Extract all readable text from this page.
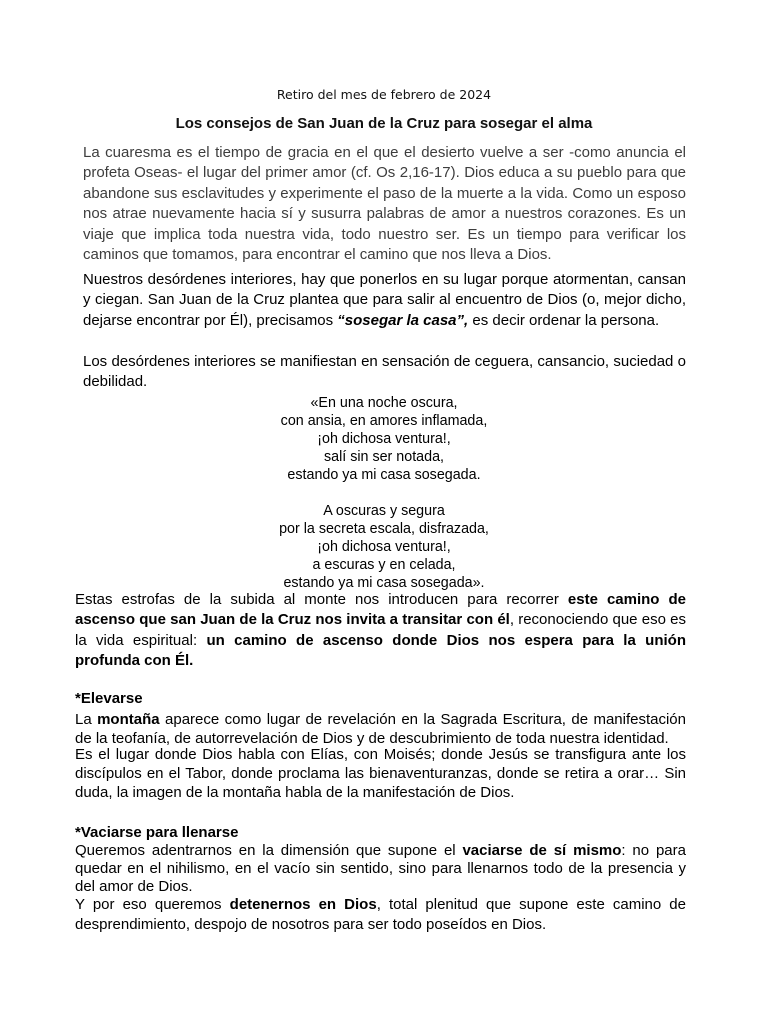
Retiro del mes de febrero de 2024
Los consejos de San Juan de la Cruz para sosegar el alma
La cuaresma es el tiempo de gracia en el que el desierto vuelve a ser -como anuncia el profeta Oseas- el lugar del primer amor (cf. Os 2,16-17). Dios educa a su pueblo para que abandone sus esclavitudes y experimente el paso de la muerte a la vida. Como un esposo nos atrae nuevamente hacia sí y susurra palabras de amor a nuestros corazones. Es un viaje que implica toda nuestra vida, todo nuestro ser. Es un tiempo para verificar los caminos que tomamos, para encontrar el camino que nos lleva a Dios.
Nuestros desórdenes interiores, hay que ponerlos en su lugar porque atormentan, cansan y ciegan. San Juan de la Cruz plantea que para salir al encuentro de Dios (o, mejor dicho, dejarse encontrar por Él), precisamos “sosegar la casa”, es decir ordenar la persona.
Los desórdenes interiores se manifiestan en sensación de ceguera, cansancio, suciedad o debilidad.
«En una noche oscura,
con ansia, en amores inflamada,
¡oh dichosa ventura!,
salí sin ser notada,
estando ya mi casa sosegada.
A oscuras y segura
por la secreta escala, disfrazada,
¡oh dichosa ventura!,
a escuras y en celada,
estando ya mi casa sosegada».
Estas estrofas de la subida al monte nos introducen para recorrer este camino de ascenso que san Juan de la Cruz nos invita a transitar con él, reconociendo que eso es la vida espiritual: un camino de ascenso donde Dios nos espera para la unión profunda con Él.
*Elevarse
La montaña aparece como lugar de revelación en la Sagrada Escritura, de manifestación de la teofanía, de autorrevelación de Dios y de descubrimiento de toda nuestra identidad.
Es el lugar donde Dios habla con Elías, con Moisés; donde Jesús se transfigura ante los discípulos en el Tabor, donde proclama las bienaventuranzas, donde se retira a orar… Sin duda, la imagen de la montaña habla de la manifestación de Dios.
*Vaciarse para llenarse
Queremos adentrarnos en la dimensión que supone el vaciarse de sí mismo: no para quedar en el nihilismo, en el vacío sin sentido, sino para llenarnos todo de la presencia y del amor de Dios.
Y por eso queremos detenernos en Dios, total plenitud que supone este camino de desprendimiento, despojo de nosotros para ser todo poseídos en Dios.
